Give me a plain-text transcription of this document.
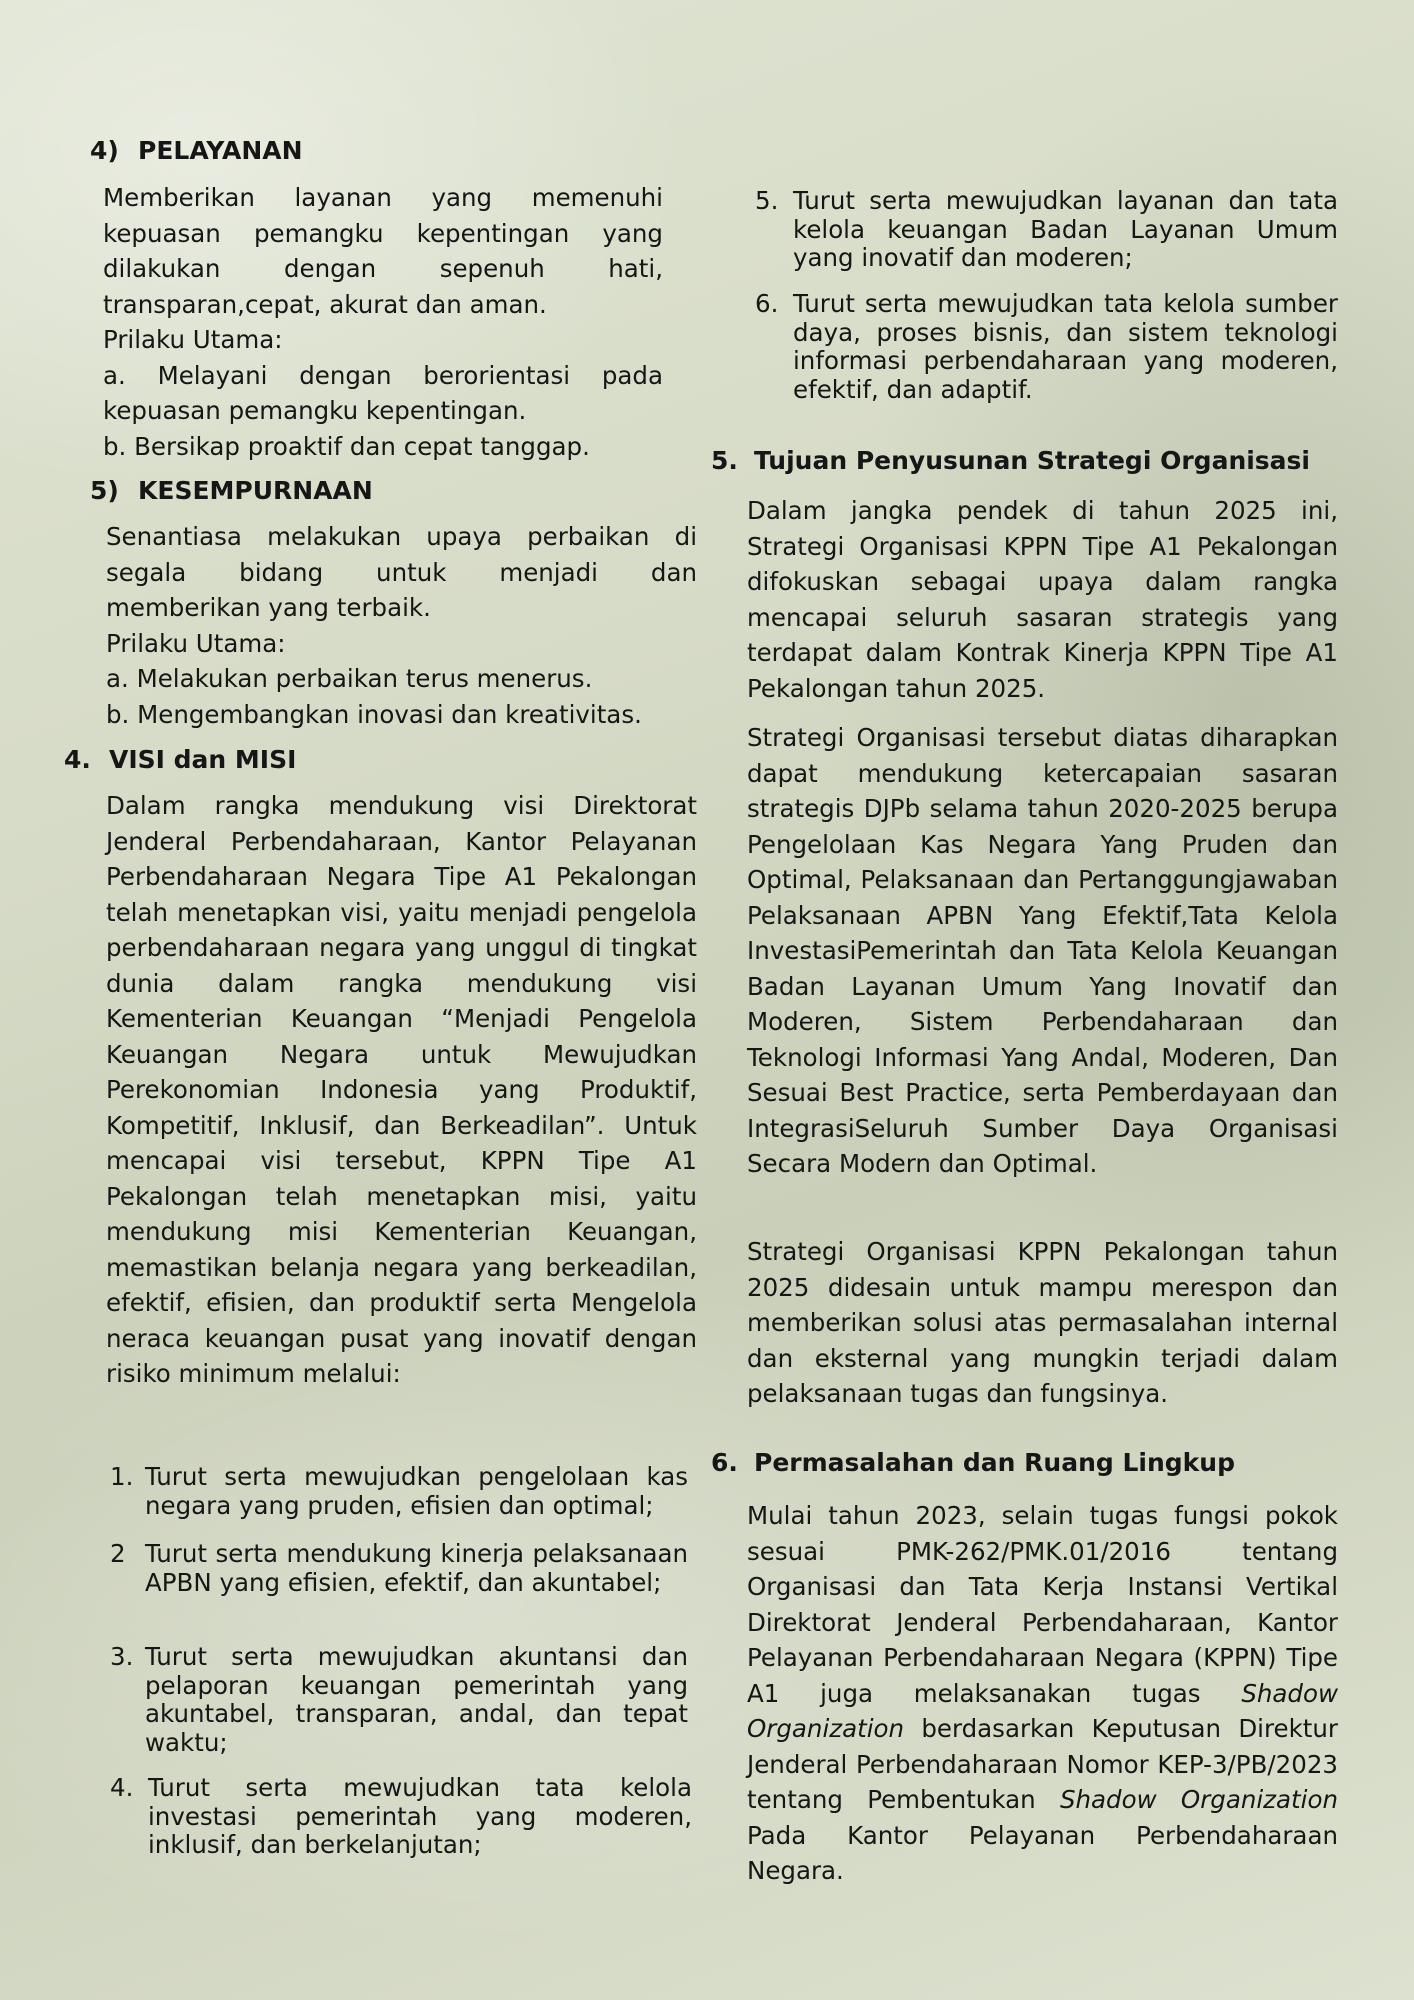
4) PELAYANAN
Memberikan layanan yang memenuhi
kepuasan pemangku kepentingan yang
dilakukan dengan sepenuh hati,
transparan,cepat, akurat dan aman.
Prilaku Utama:
a. Melayani dengan berorientasi pada
kepuasan pemangku kepentingan.
b. Bersikap proaktif dan cepat tanggap.
5) KESEMPURNAAN
Senantiasa melakukan upaya perbaikan di
segala bidang untuk menjadi dan
memberikan yang terbaik.
Prilaku Utama:
a. Melakukan perbaikan terus menerus.
b. Mengembangkan inovasi dan kreativitas.
4. VISI dan MISI

Dalam rangka mendukung visi Direktorat Jenderal Perbendaharaan, Kantor Pelayanan Perbendaharaan Negara Tipe A1 Pekalongan telah menetapkan visi, yaitu menjadi pengelola perbendaharaan negara yang unggul di tingkat dunia dalam rangka mendukung visi Kementerian Keuangan “Menjadi Pengelola Keuangan Negara untuk Mewujudkan Perekonomian Indonesia yang Produktif, Kompetitif, Inklusif, dan Berkeadilan”. Untuk mencapai visi tersebut, KPPN Tipe A1 Pekalongan telah menetapkan misi, yaitu mendukung misi Kementerian Keuangan, memastikan belanja negara yang berkeadilan, efektif, efisien, dan produktif serta Mengelola neraca keuangan pusat yang inovatif dengan risiko minimum melalui:

1. Turut serta mewujudkan pengelolaan kas negara yang pruden, efisien dan optimal;
2 Turut serta mendukung kinerja pelaksanaan APBN yang efisien, efektif, dan akuntabel;
3. Turut serta mewujudkan akuntansi dan pelaporan keuangan pemerintah yang akuntabel, transparan, andal, dan tepat waktu;
4. Turut serta mewujudkan tata kelola investasi pemerintah yang moderen, inklusif, dan berkelanjutan;
5. Turut serta mewujudkan layanan dan tata kelola keuangan Badan Layanan Umum yang inovatif dan moderen;
6. Turut serta mewujudkan tata kelola sumber daya, proses bisnis, dan sistem teknologi informasi perbendaharaan yang moderen, efektif, dan adaptif.
5. Tujuan Penyusunan Strategi Organisasi

Dalam jangka pendek di tahun 2025 ini, Strategi Organisasi KPPN Tipe A1 Pekalongan difokuskan sebagai upaya dalam rangka mencapai seluruh sasaran strategis yang terdapat dalam Kontrak Kinerja KPPN Tipe A1 Pekalongan tahun 2025.

Strategi Organisasi tersebut diatas diharapkan dapat mendukung ketercapaian sasaran strategis DJPb selama tahun 2020-2025 berupa Pengelolaan Kas Negara Yang Pruden dan Optimal, Pelaksanaan dan Pertanggungjawaban Pelaksanaan APBN Yang Efektif,Tata Kelola InvestasiPemerintah dan Tata Kelola Keuangan Badan Layanan Umum Yang Inovatif dan Moderen, Sistem Perbendaharaan dan Teknologi Informasi Yang Andal, Moderen, Dan Sesuai Best Practice, serta Pemberdayaan dan IntegrasiSeluruh Sumber Daya Organisasi Secara Modern dan Optimal.

Strategi Organisasi KPPN Pekalongan tahun 2025 didesain untuk mampu merespon dan memberikan solusi atas permasalahan internal dan eksternal yang mungkin terjadi dalam pelaksanaan tugas dan fungsinya.

6. Permasalahan dan Ruang Lingkup

Mulai tahun 2023, selain tugas fungsi pokok sesuai PMK-262/PMK.01/2016 tentang Organisasi dan Tata Kerja Instansi Vertikal Direktorat Jenderal Perbendaharaan, Kantor Pelayanan Perbendaharaan Negara (KPPN) Tipe A1 juga melaksanakan tugas Shadow Organization berdasarkan Keputusan Direktur Jenderal Perbendaharaan Nomor KEP-3/PB/2023 tentang Pembentukan Shadow Organization Pada Kantor Pelayanan Perbendaharaan Negara.
